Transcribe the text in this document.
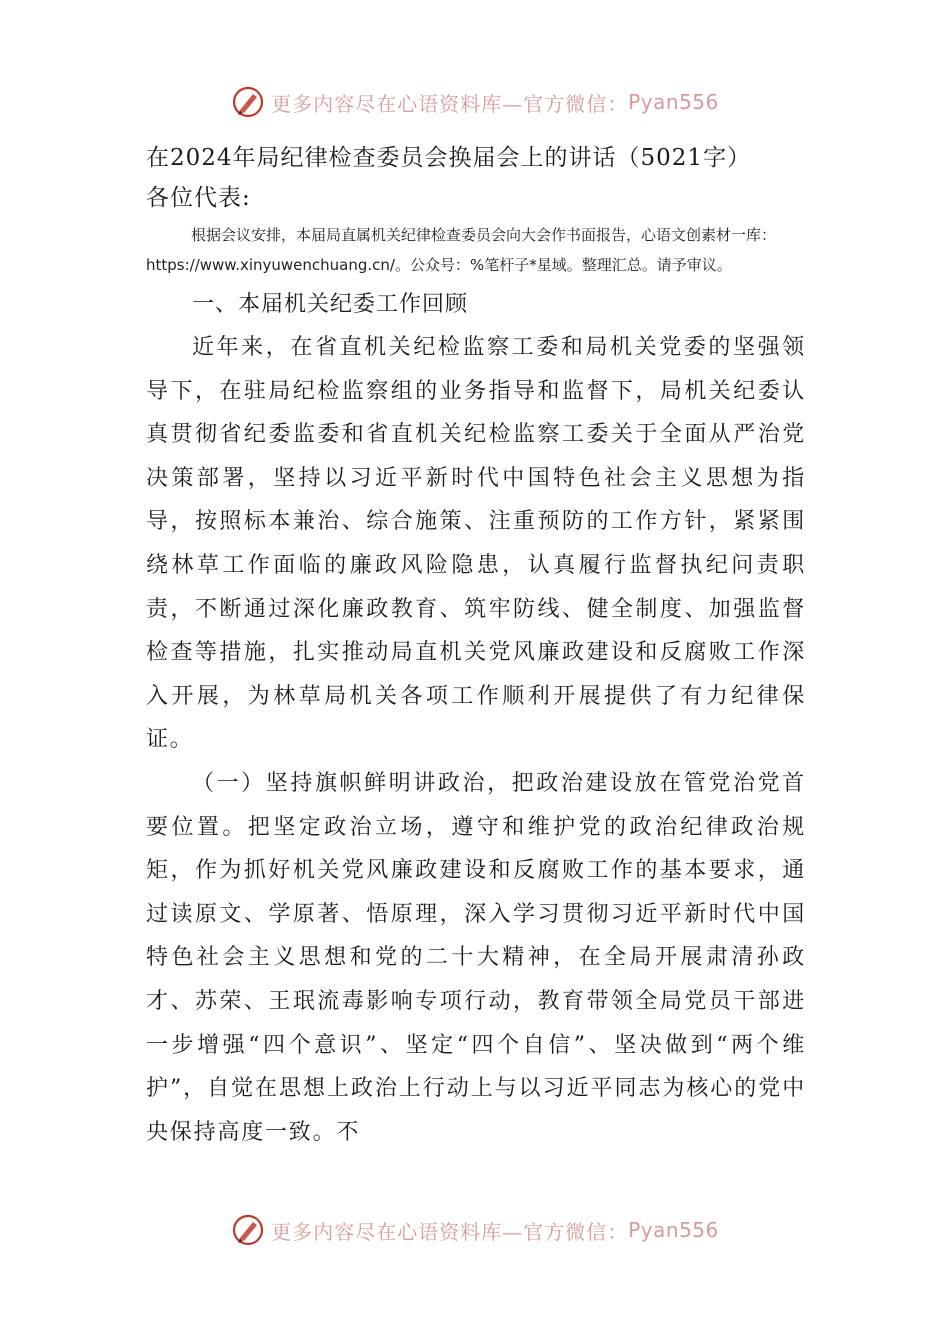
更多内容尽在心语资料库—官方微信： Pyan556
在2024年局纪律检查委员会换届会上的讲话（5021字）
各位代表:

根据会议安排，本届局直属机关纪律检查委员会向大会作书面报告，心语文创素材一库：https://www.xinyuwenchuang.cn/。公众号：%笔杆子*星域。整理汇总。请予审议。

一、本届机关纪委工作回顾

近年来，在省直机关纪检监察工委和局机关党委的坚强领导下，在驻局纪检监察组的业务指导和监督下，局机关纪委认真贯彻省纪委监委和省直机关纪检监察工委关于全面从严治党决策部署，坚持以习近平新时代中国特色社会主义思想为指导，按照标本兼治、综合施策、注重预防的工作方针，紧紧围绕林草工作面临的廉政风险隐患，认真履行监督执纪问责职责，不断通过深化廉政教育、筑牢防线、健全制度、加强监督检查等措施，扎实推动局直机关党风廉政建设和反腐败工作深入开展，为林草局机关各项工作顺利开展提供了有力纪律保证。

（一）坚持旗帜鲜明讲政治，把政治建设放在管党治党首要位置。把坚定政治立场，遵守和维护党的政治纪律政治规矩，作为抓好机关党风廉政建设和反腐败工作的基本要求，通过读原文、学原著、悟原理，深入学习贯彻习近平新时代中国特色社会主义思想和党的二十大精神，在全局开展肃清孙政才、苏荣、王珉流毒影响专项行动，教育带领全局党员干部进一步增强“四个意识”、坚定“四个自信”、坚决做到“两个维护”，自觉在思想上政治上行动上与以习近平同志为核心的党中央保持高度一致。不

更多内容尽在心语资料库—官方微信： Pyan556
